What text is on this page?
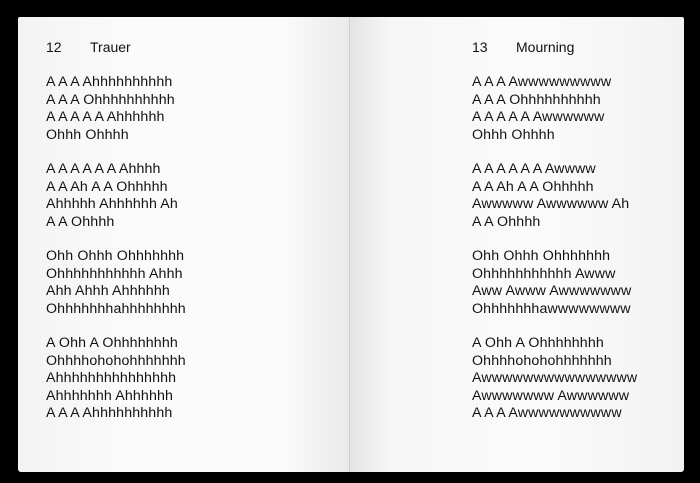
12 Trauer
A A A Ahhhhhhhhhh
A A A Ohhhhhhhhhh
A A A A A Ahhhhhh
Ohhh Ohhhh
A A A A A A Ahhhh
A A Ah A A Ohhhhh
Ahhhhh Ahhhhhh Ah
A A Ohhhh
Ohh Ohhh Ohhhhhhh
Ohhhhhhhhhhh Ahhh
Ahh Ahhh Ahhhhhh
Ohhhhhhhahhhhhhhh
A Ohh A Ohhhhhhhh
Ohhhhohohohhhhhhh
Ahhhhhhhhhhhhhhh
Ahhhhhhh Ahhhhhh
A A A Ahhhhhhhhhh
13 Mourning
A A A Awwwwwwwww
A A A Ohhhhhhhhhh
A A A A A Awwwwww
Ohhh Ohhhh
A A A A A A Awwww
A A Ah A A Ohhhhh
Awwwww Awwwwww Ah
A A Ohhhh
Ohh Ohhh Ohhhhhhh
Ohhhhhhhhhhh Awww
Aww Awww Awwwwwww
Ohhhhhhhawwwwwwww
A Ohh A Ohhhhhhhh
Ohhhhohohohhhhhhh
Awwwwwwwwwwwwwww
Awwwwwww Awwwwww
A A A Awwwwwwwwww
